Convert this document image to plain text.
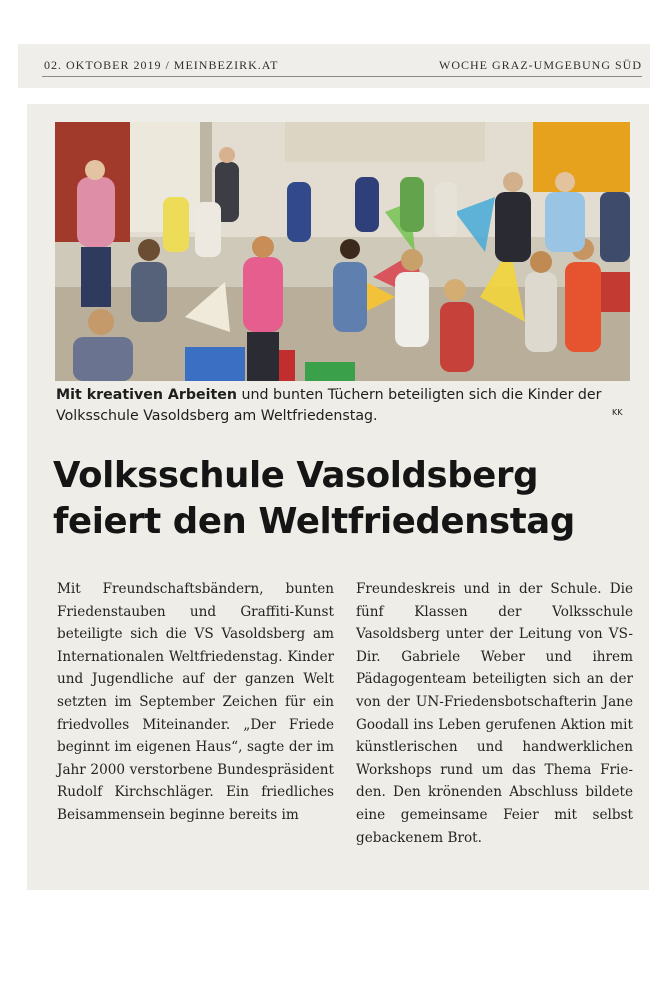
02. OKTOBER 2019 / MEINBEZIRK.AT	WOCHE GRAZ-UMGEBUNG SÜD
Mit kreativen Arbeiten und bunten Tüchern beteiligten sich die Kinder der Volksschule Vasoldsberg am Weltfriedenstag.	KK
Volksschule Vasoldsberg
feiert den Weltfriedenstag

Mit Freundschaftsbändern, bunten Friedenstauben und Graffiti-Kunst beteiligte sich die VS Vasoldsberg am Internationalen Weltfriedenstag. Kinder und Jugendliche auf der ganzen Welt setzten im September Zeichen für ein friedvolles Miteinander. „Der Friede beginnt im eigenen Haus“, sagte der im Jahr 2000 verstorbene Bundespräsident Rudolf Kirchschläger. Ein friedliches Beisammensein beginne bereits im

Freundeskreis und in der Schule. Die fünf Klassen der Volksschule Vasoldsberg unter der Leitung von VS-Dir. Gabriele Weber und ihrem Pädagogenteam beteiligten sich an der von der UN-Friedensbotschafterin Jane Goodall ins Leben gerufenen Aktion mit künstlerischen und handwerklichen Workshops rund um das Thema Frieden. Den krönenden Abschluss bildete eine gemeinsame Feier mit selbst gebackenem Brot.
